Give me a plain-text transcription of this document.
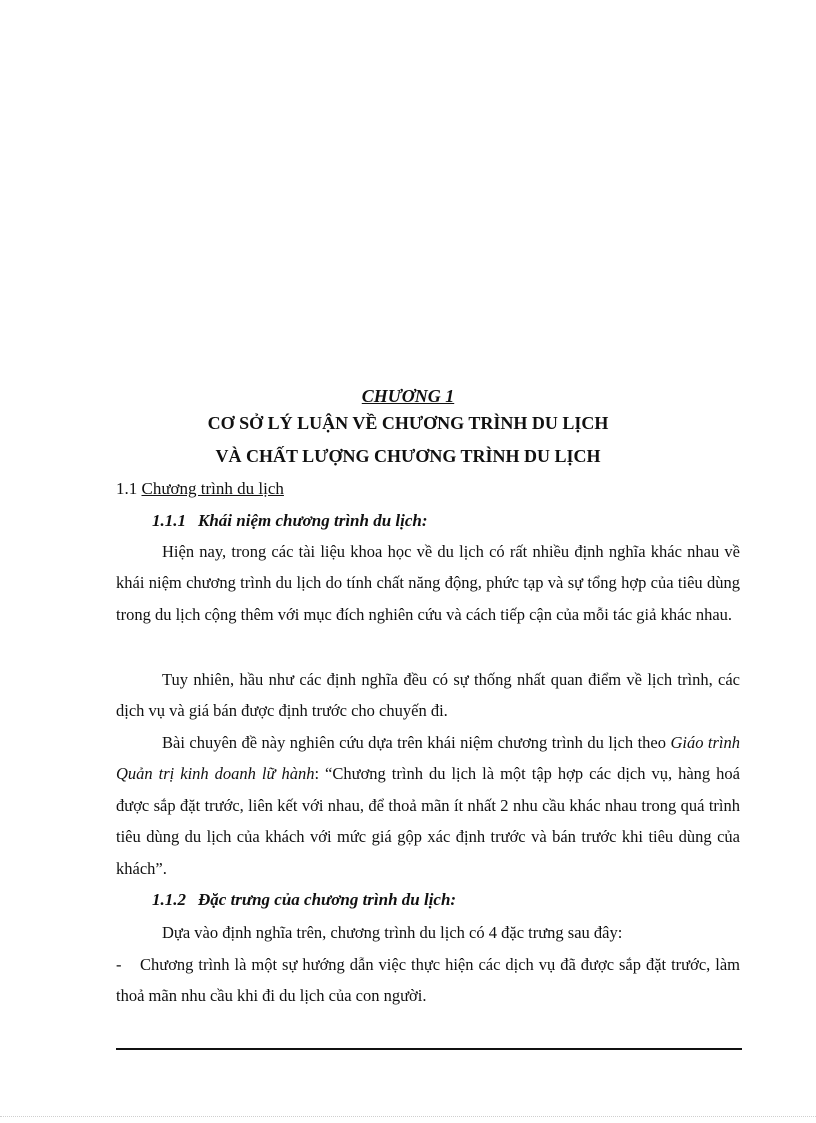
CHƯƠNG 1
CƠ SỞ LÝ LUẬN VỀ CHƯƠNG TRÌNH DU LỊCH
VÀ CHẤT LƯỢNG CHƯƠNG TRÌNH DU LỊCH
1.1 Chương trình du lịch
1.1.1 Khái niệm chương trình du lịch:

Hiện nay, trong các tài liệu khoa học về du lịch có rất nhiều định nghĩa khác nhau về khái niệm chương trình du lịch do tính chất năng động, phức tạp và sự tổng hợp của tiêu dùng trong du lịch cộng thêm với mục đích nghiên cứu và cách tiếp cận của mỗi tác giả khác nhau.

Tuy nhiên, hầu như các định nghĩa đều có sự thống nhất quan điểm về lịch trình, các dịch vụ và giá bán được định trước cho chuyến đi.

Bài chuyên đề này nghiên cứu dựa trên khái niệm chương trình du lịch theo Giáo trình Quản trị kinh doanh lữ hành: “Chương trình du lịch là một tập hợp các dịch vụ, hàng hoá được sắp đặt trước, liên kết với nhau, để thoả mãn ít nhất 2 nhu cầu khác nhau trong quá trình tiêu dùng du lịch của khách với mức giá gộp xác định trước và bán trước khi tiêu dùng của khách”.

1.1.2 Đặc trưng của chương trình du lịch:

Dựa vào định nghĩa trên, chương trình du lịch có 4 đặc trưng sau đây:

- Chương trình là một sự hướng dẫn việc thực hiện các dịch vụ đã được sắp đặt trước, làm thoả mãn nhu cầu khi đi du lịch của con người.
